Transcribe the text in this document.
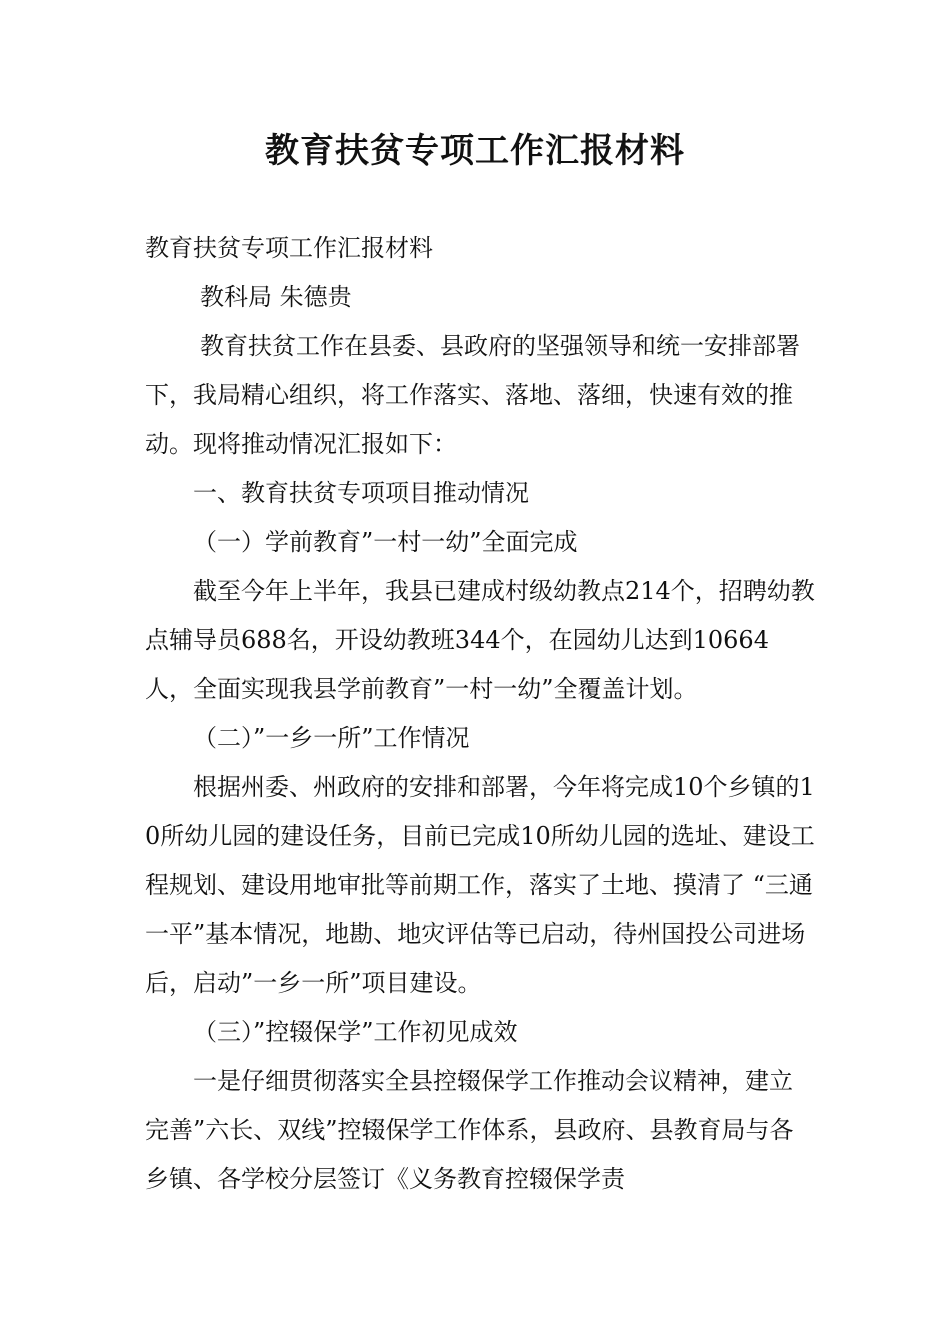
教育扶贫专项工作汇报材料

教育扶贫专项工作汇报材料

教科局 朱德贵

教育扶贫工作在县委、县政府的坚强领导和统一安排部署下，我局精心组织，将工作落实、落地、落细，快速有效的推动。现将推动情况汇报如下：

一、教育扶贫专项项目推动情况

（一）学前教育”一村一幼”全面完成

截至今年上半年，我县已建成村级幼教点214个，招聘幼教点辅导员688名，开设幼教班344个，在园幼儿达到10664人，全面实现我县学前教育”一村一幼”全覆盖计划。

（二）”一乡一所”工作情况

根据州委、州政府的安排和部署，今年将完成10个乡镇的10所幼儿园的建设任务，目前已完成10所幼儿园的选址、建设工程规划、建设用地审批等前期工作，落实了土地、摸清了 “三通一平”基本情况，地勘、地灾评估等已启动，待州国投公司进场后，启动”一乡一所”项目建设。

（三）”控辍保学”工作初见成效

一是仔细贯彻落实全县控辍保学工作推动会议精神，建立完善”六长、双线”控辍保学工作体系，县政府、县教育局与各乡镇、各学校分层签订《义务教育控辍保学责
